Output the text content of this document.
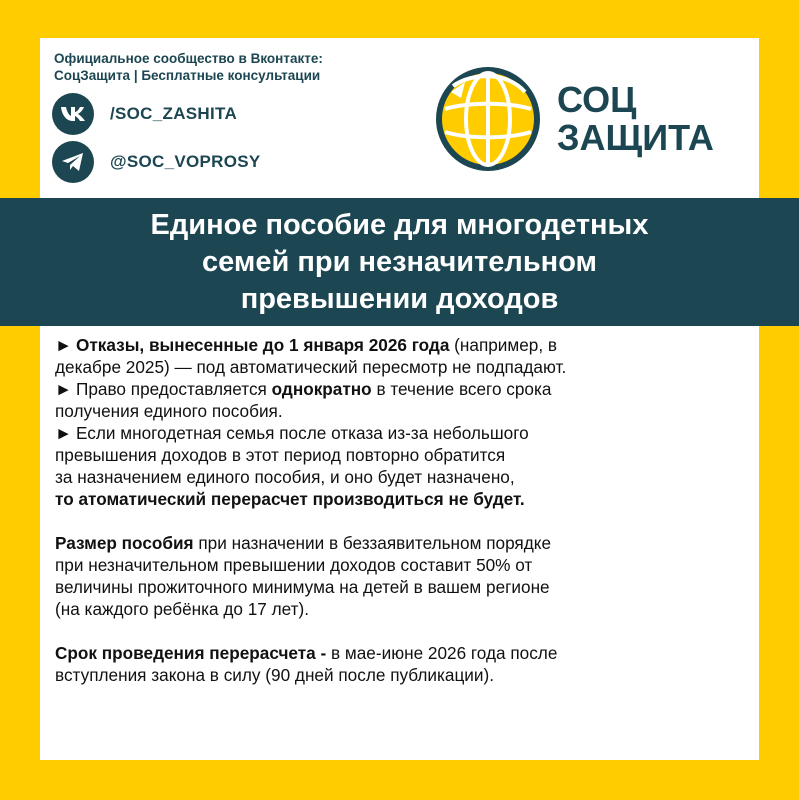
Официальное сообщество в Вконтакте:
СоцЗащита | Бесплатные консультации
/SOC_ZASHITA
@SOC_VOPROSY
СОЦ
ЗАЩИТА
Единое пособие для многодетных
семей при незначительном
превышении доходов

► Отказы, вынесенные до 1 января 2026 года (например, в
декабре 2025) — под автоматический пересмотр не подпадают.

► Право предоставляется однократно в течение всего срока
получения единого пособия.

► Если многодетная семья после отказа из-за небольшого
превышения доходов в этот период повторно обратится
за назначением единого пособия, и оно будет назначено,
то атоматический перерасчет производиться не будет.

Размер пособия при назначении в беззаявительном порядке
при незначительном превышении доходов составит 50% от
величины прожиточного минимума на детей в вашем регионе
(на каждого ребёнка до 17 лет).

Срок проведения перерасчета - в мае-июне 2026 года после
вступления закона в силу (90 дней после публикации).
